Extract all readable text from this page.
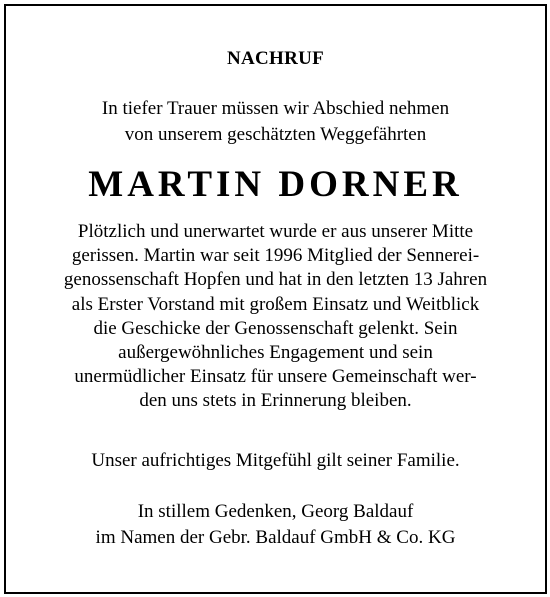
NACHRUF
In tiefer Trauer müssen wir Abschied nehmen
von unserem geschätzten Weggefährten
MARTIN DORNER
Plötzlich und unerwartet wurde er aus unserer Mitte
gerissen. Martin war seit 1996 Mitglied der Sennerei-
genossenschaft Hopfen und hat in den letzten 13 Jahren
als Erster Vorstand mit großem Einsatz und Weitblick
die Geschicke der Genossenschaft gelenkt. Sein
außergewöhnliches Engagement und sein
unermüdlicher Einsatz für unsere Gemeinschaft wer-
den uns stets in Erinnerung bleiben.
Unser aufrichtiges Mitgefühl gilt seiner Familie.
In stillem Gedenken, Georg Baldauf
im Namen der Gebr. Baldauf GmbH & Co. KG
